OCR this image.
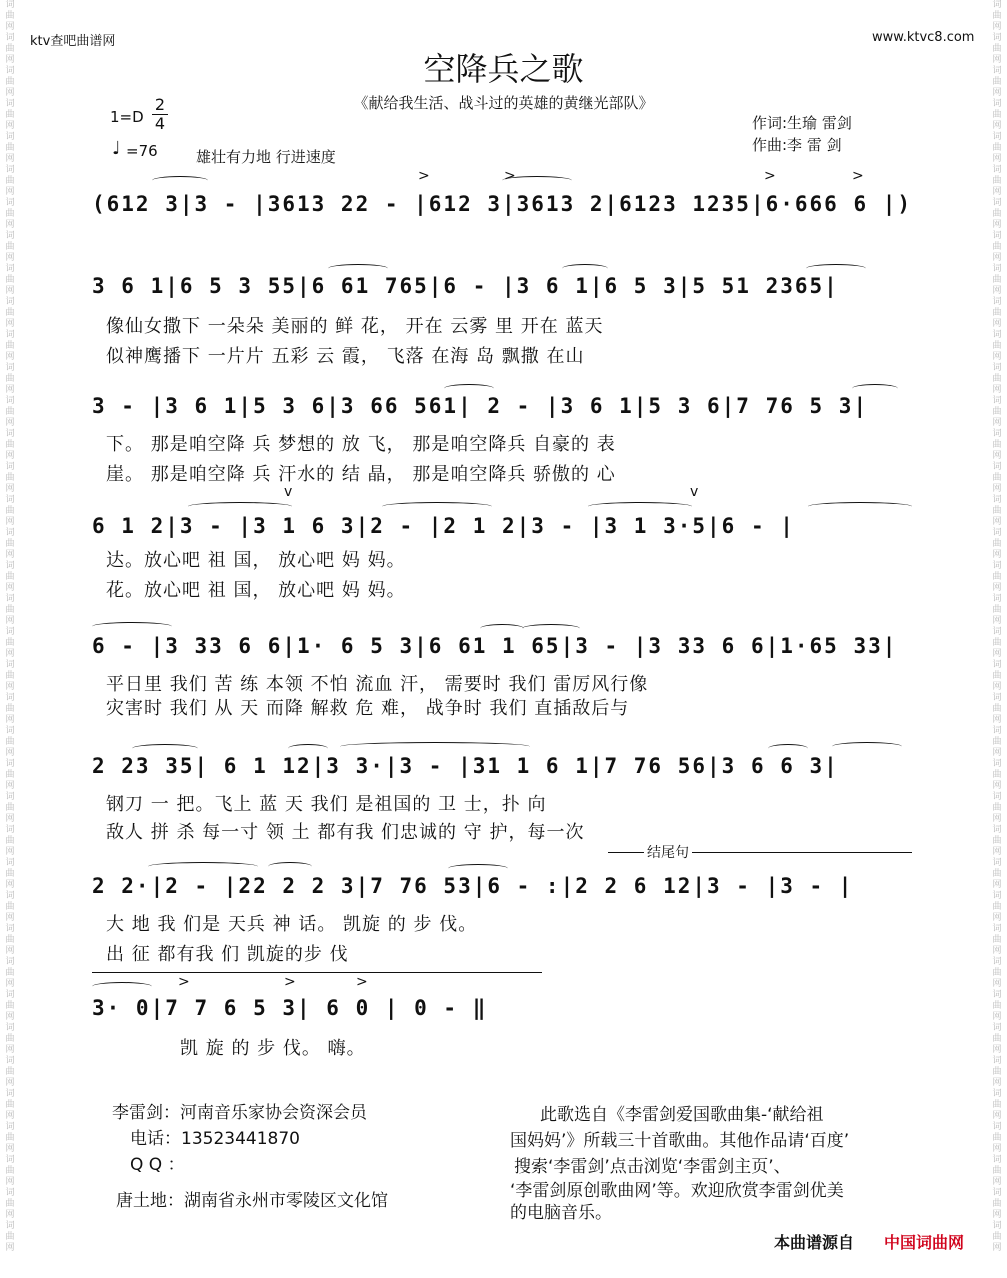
词曲网词曲网词曲网词曲网词曲网词曲网词曲网词曲网词曲网词曲网词曲网词曲网词曲网词曲网词曲网词曲网词曲网词曲网词曲网词曲网词曲网词曲网词曲网词曲网词曲网词曲网词曲网词曲网词曲网词曲网词曲网词曲网词曲网词曲网词曲网词曲网词曲网词曲网
词曲网词曲网词曲网词曲网词曲网词曲网词曲网词曲网词曲网词曲网词曲网词曲网词曲网词曲网词曲网词曲网词曲网词曲网词曲网词曲网词曲网词曲网词曲网词曲网词曲网词曲网词曲网词曲网词曲网词曲网词曲网词曲网词曲网词曲网词曲网词曲网词曲网词曲网
ktv查吧曲谱网	www.ktvc8.com
空降兵之歌
《献给我生活、战斗过的英雄的黄继光部队》
1=D
2
4
♩ =76	雄壮有力地 行进速度
作词:生瑜 雷剑
作曲:李 雷 剑
>	>	>	>
(612 3|3 - |3613 22 - |612 3|3613 2|6123 1235|6·666 6 |)
3 6 1|6 5 3 55|6 61 765|6 - |3 6 1|6 5 3|5 51 2365|
像仙女撒下 一朵朵 美丽的 鲜 花， 开在 云雾 里 开在 蓝天
似神鹰播下 一片片 五彩 云 霞， 飞落 在海 岛 飘撒 在山
3 - |3 6 1|5 3 6|3 66 561| 2 - |3 6 1|5 3 6|7 76 5 3|
下。 那是咱空降 兵 梦想的 放 飞， 那是咱空降兵 自豪的 表
崖。 那是咱空降 兵 汗水的 结 晶， 那是咱空降兵 骄傲的 心
v	v
6 1 2|3 - |3 1 6 3|2 - |2 1 2|3 - |3 1 3·5|6 - |
达。放心吧 祖 国， 放心吧 妈 妈。
花。放心吧 祖 国， 放心吧 妈 妈。
6 - |3 33 6 6|1· 6 5 3|6 61 1 65|3 - |3 33 6 6|1·65 33|
平日里 我们 苦 练 本领 不怕 流血 汗， 需要时 我们 雷厉风行像
灾害时 我们 从 天 而降 解救 危 难， 战争时 我们 直插敌后与
2 23 35| 6 1 12|3 3·|3 - |31 1 6 1|7 76 56|3 6 6 3|
钢刀 一 把。飞上 蓝 天 我们 是祖国的 卫 士，扑 向
敌人 拼 杀 每一寸 领 土 都有我 们忠诚的 守 护，每一次
结尾句
2 2·|2 - |22 2 2 3|7 76 53|6 - :|2 2 6 12|3 - |3 - |
大 地 我 们是 天兵 神 话。 凯旋 的 步 伐。
出 征 都有我 们 凯旋的步 伐
>	>	>
3· 0|7 7 6 5 3| 6 0 | 0 - ‖
凯 旋 的 步 伐。 嗨。
李雷剑：河南音乐家协会资深会员
电话：13523441870
Q Q ：
唐土地：湖南省永州市零陵区文化馆
此歌选自《李雷剑爱国歌曲集-‘献给祖
国妈妈’》所载三十首歌曲。其他作品请‘百度’
搜索‘李雷剑’点击浏览‘李雷剑主页’、
‘李雷剑原创歌曲网’等。欢迎欣赏李雷剑优美
的电脑音乐。
本曲谱源自 中国词曲网
